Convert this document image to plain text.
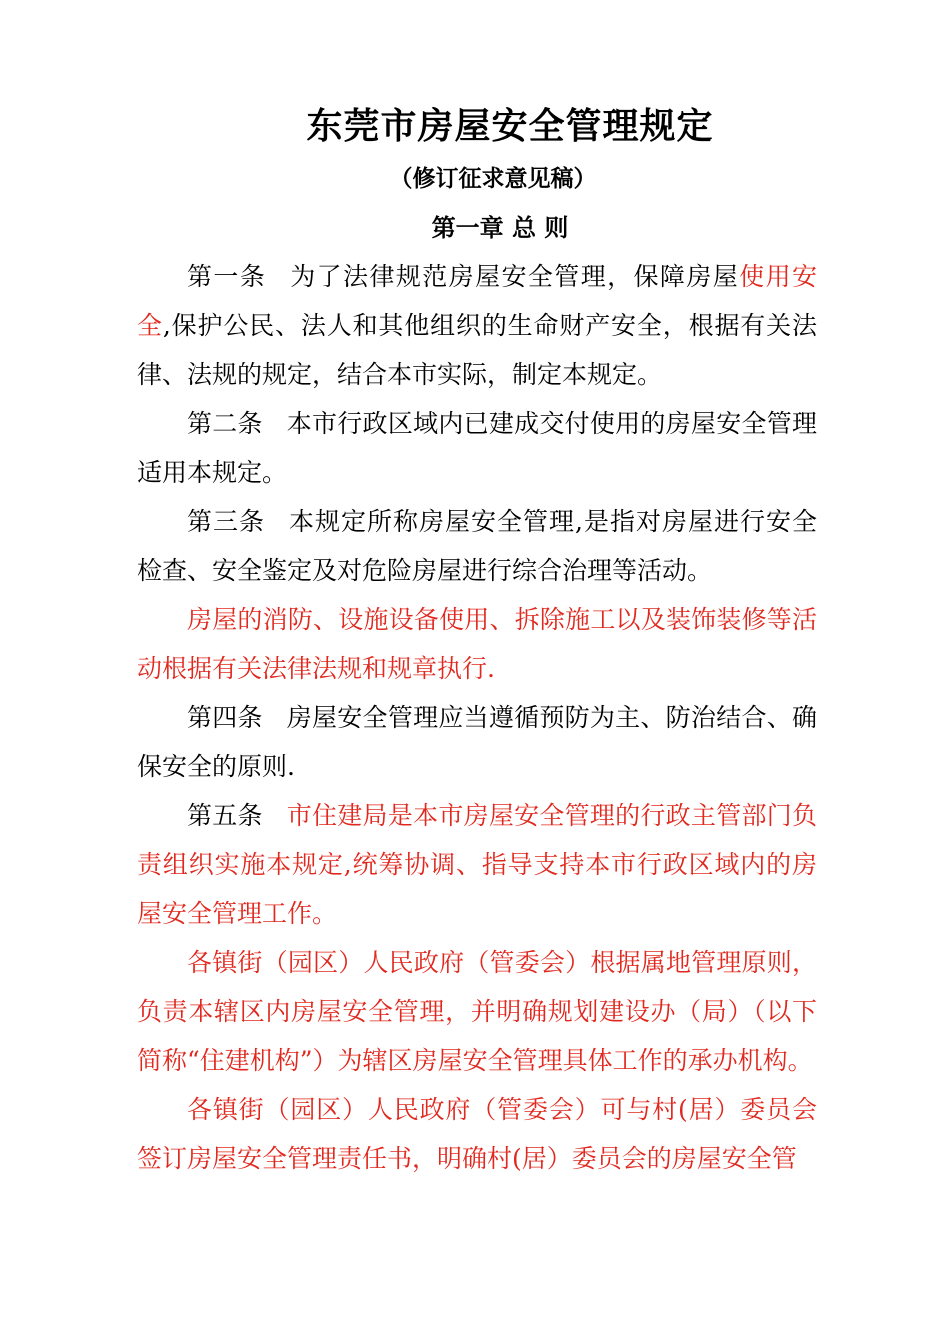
东莞市房屋安全管理规定
（修订征求意见稿）
第一章 总 则

第一条 为了法律规范房屋安全管理，保障房屋使用安全,保护公民、法人和其他组织的生命财产安全，根据有关法律、法规的规定，结合本市实际，制定本规定。

第二条 本市行政区域内已建成交付使用的房屋安全管理适用本规定。

第三条 本规定所称房屋安全管理,是指对房屋进行安全检查、安全鉴定及对危险房屋进行综合治理等活动。

房屋的消防、设施设备使用、拆除施工以及装饰装修等活动根据有关法律法规和规章执行.

第四条 房屋安全管理应当遵循预防为主、防治结合、确保安全的原则.

第五条 市住建局是本市房屋安全管理的行政主管部门负责组织实施本规定,统筹协调、指导支持本市行政区域内的房屋安全管理工作。

各镇街（园区）人民政府（管委会）根据属地管理原则，负责本辖区内房屋安全管理，并明确规划建设办（局）（以下简称“住建机构”）为辖区房屋安全管理具体工作的承办机构。

各镇街（园区）人民政府（管委会）可与村(居）委员会签订房屋安全管理责任书，明确村(居）委员会的房屋安全管
